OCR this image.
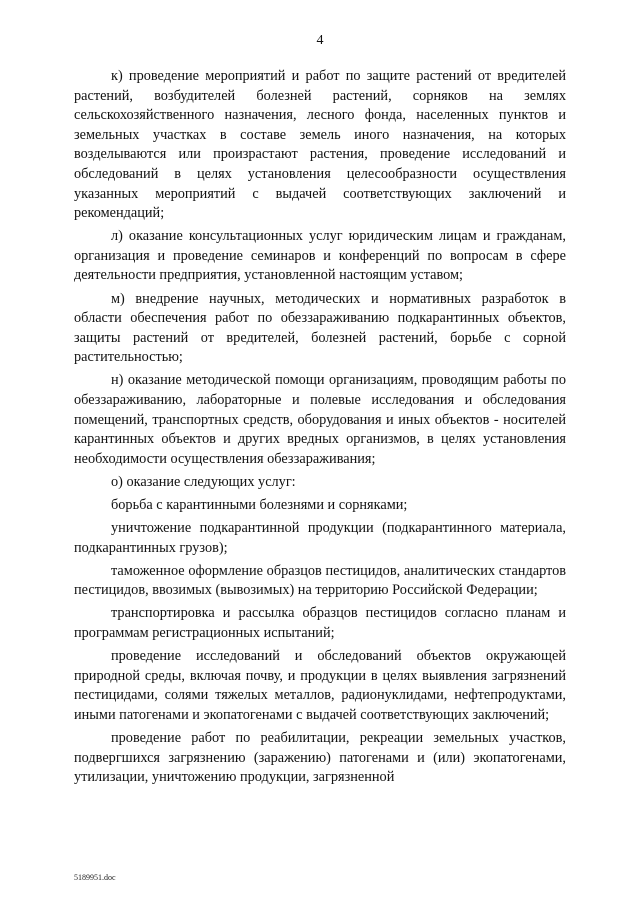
4

к) проведение мероприятий и работ по защите растений от вредителей растений, возбудителей болезней растений, сорняков на землях сельскохозяйственного назначения, лесного фонда, населенных пунктов и земельных участках в составе земель иного назначения, на которых возделываются или произрастают растения, проведение исследований и обследований в целях установления целесообразности осуществления указанных мероприятий с выдачей соответствующих заключений и рекомендаций;

л) оказание консультационных услуг юридическим лицам и гражданам, организация и проведение семинаров и конференций по вопросам в сфере деятельности предприятия, установленной настоящим уставом;

м) внедрение научных, методических и нормативных разработок в области обеспечения работ по обеззараживанию подкарантинных объектов, защиты растений от вредителей, болезней растений, борьбе с сорной растительностью;

н) оказание методической помощи организациям, проводящим работы по обеззараживанию, лабораторные и полевые исследования и обследования помещений, транспортных средств, оборудования и иных объектов - носителей карантинных объектов и других вредных организмов, в целях установления необходимости осуществления обеззараживания;

о) оказание следующих услуг:

борьба с карантинными болезнями и сорняками;

уничтожение подкарантинной продукции (подкарантинного материала, подкарантинных грузов);

таможенное оформление образцов пестицидов, аналитических стандартов пестицидов, ввозимых (вывозимых) на территорию Российской Федерации;

транспортировка и рассылка образцов пестицидов согласно планам и программам регистрационных испытаний;

проведение исследований и обследований объектов окружающей природной среды, включая почву, и продукции в целях выявления загрязнений пестицидами, солями тяжелых металлов, радионуклидами, нефтепродуктами, иными патогенами и экопатогенами с выдачей соответствующих заключений;

проведение работ по реабилитации, рекреации земельных участков, подвергшихся загрязнению (заражению) патогенами и (или) экопатогенами, утилизации, уничтожению продукции, загрязненной

5189951.doc
